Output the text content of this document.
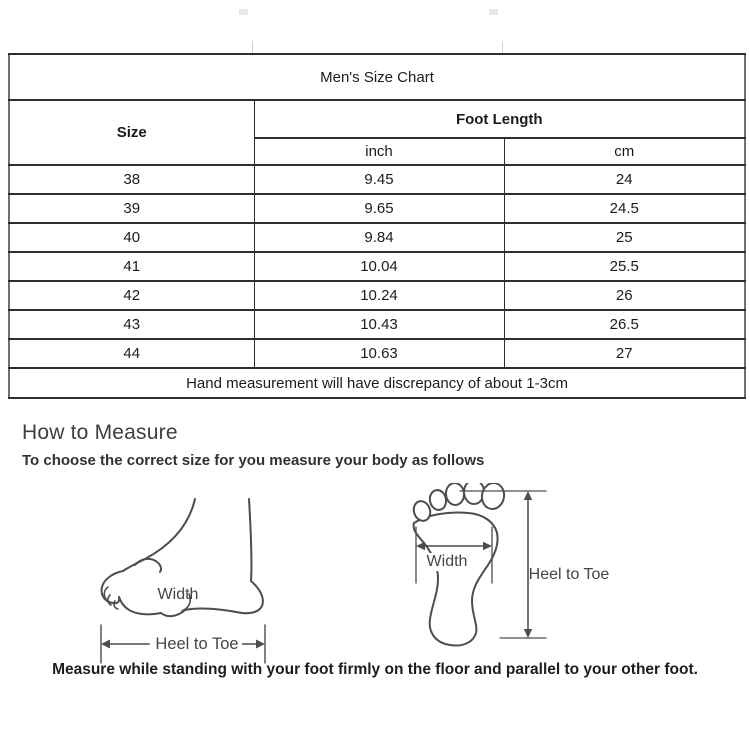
Men's Size Chart		
Size	Foot Length	
	inch	cm
38	9.45	24
39	9.65	24.5
40	9.84	25
41	10.04	25.5
42	10.24	26
43	10.43	26.5
44	10.63	27
Hand measurement will have discrepancy of about 1-3cm		
How to Measure
To choose the correct size for you measure your body as follows
Width
Heel to Toe
Width
Heel to Toe
Measure while standing with your foot firmly on the floor and parallel to your other foot.
